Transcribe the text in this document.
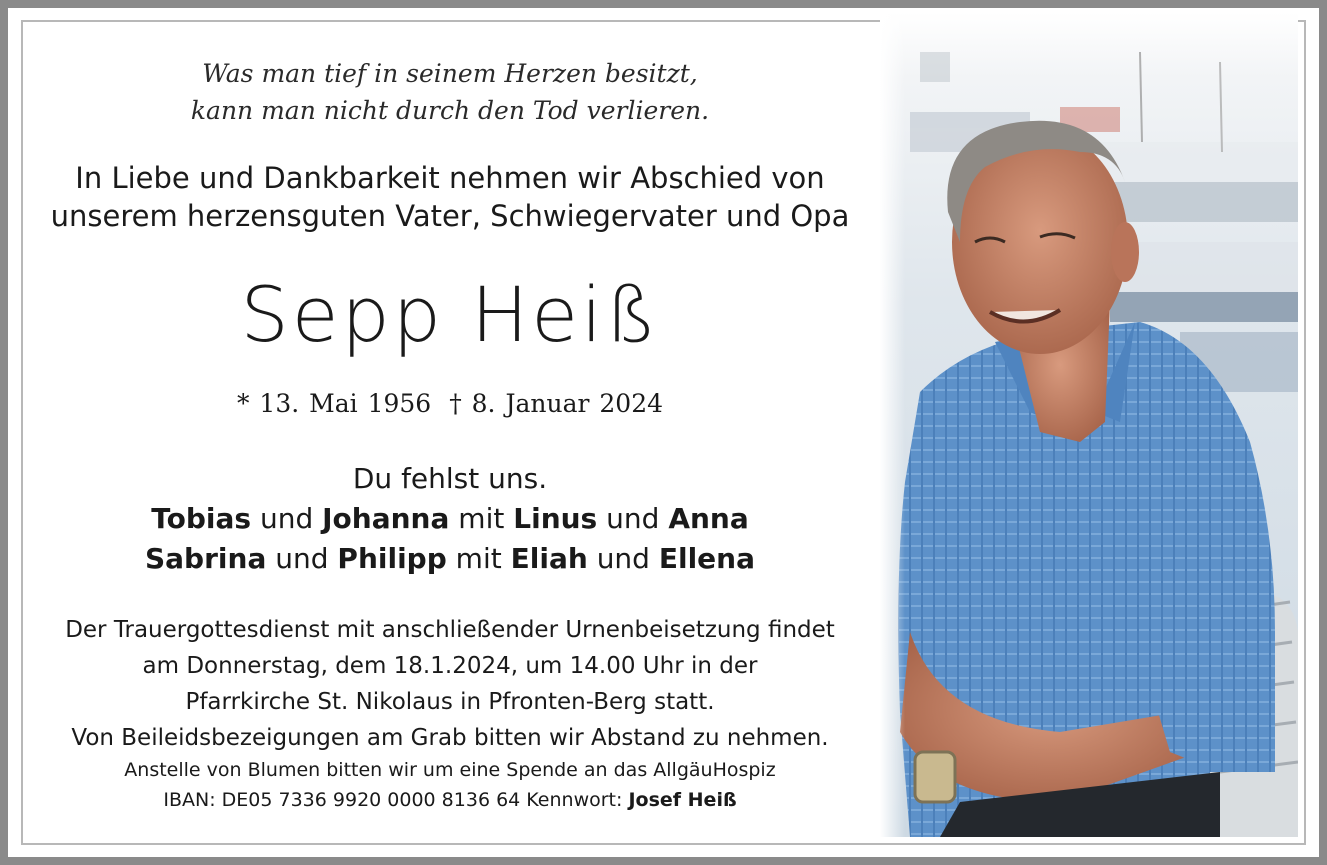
Was man tief in seinem Herzen besitzt,
kann man nicht durch den Tod verlieren.
In Liebe und Dankbarkeit nehmen wir Abschied von
unserem herzensguten Vater, Schwiegervater und Opa
Sepp Heiß
* 13. Mai 1956 † 8. Januar 2024
Du fehlst uns.
Tobias und Johanna mit Linus und Anna
Sabrina und Philipp mit Eliah und Ellena
Der Trauergottesdienst mit anschließender Urnenbeisetzung findet
am Donnerstag, dem 18.1.2024, um 14.00 Uhr in der
Pfarrkirche St. Nikolaus in Pfronten-Berg statt.
Von Beileidsbezeigungen am Grab bitten wir Abstand zu nehmen.
Anstelle von Blumen bitten wir um eine Spende an das AllgäuHospiz
IBAN: DE05 7336 9920 0000 8136 64 Kennwort: Josef Heiß
